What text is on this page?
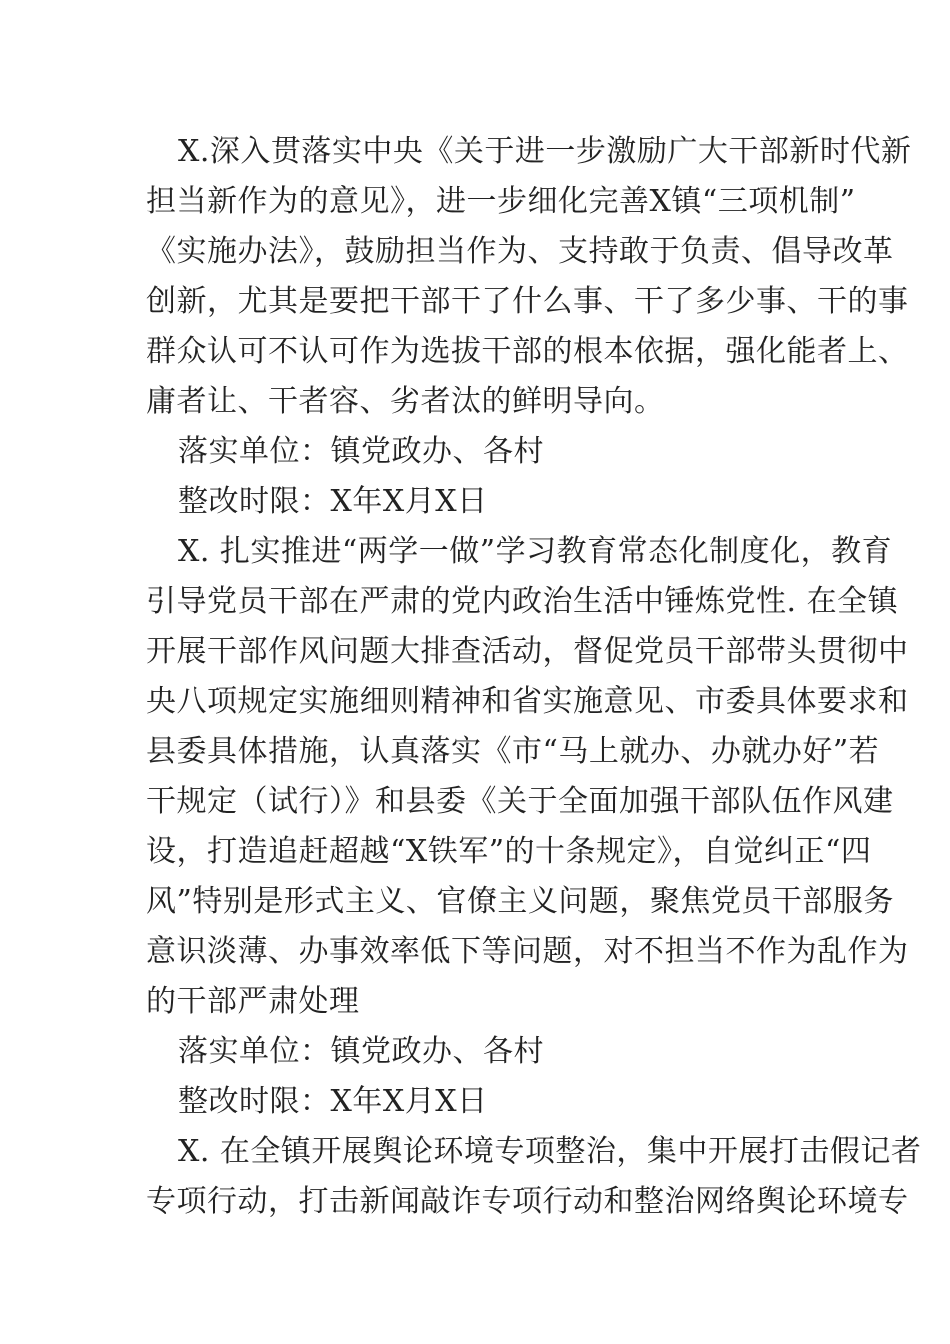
X.深入贯落实中央《关于进一步激励广大干部新时代新
担当新作为的意见》，进一步细化完善X镇“三项机制”
《实施办法》，鼓励担当作为、支持敢于负责、倡导改革
创新，尤其是要把干部干了什么事、干了多少事、干的事
群众认可不认可作为选拔干部的根本依据，强化能者上、
庸者让、干者容、劣者汰的鲜明导向。
落实单位：镇党政办、各村
整改时限：X年X月X日
X. 扎实推进“两学一做”学习教育常态化制度化，教育
引导党员干部在严肃的党内政治生活中锤炼党性. 在全镇
开展干部作风问题大排查活动，督促党员干部带头贯彻中
央八项规定实施细则精神和省实施意见、市委具体要求和
县委具体措施，认真落实《市“马上就办、办就办好”若
干规定（试行）》和县委《关于全面加强干部队伍作风建
设，打造追赶超越“X铁军”的十条规定》，自觉纠正“四
风”特别是形式主义、官僚主义问题，聚焦党员干部服务
意识淡薄、办事效率低下等问题，对不担当不作为乱作为
的干部严肃处理
落实单位：镇党政办、各村
整改时限：X年X月X日
X. 在全镇开展舆论环境专项整治，集中开展打击假记者
专项行动，打击新闻敲诈专项行动和整治网络舆论环境专
